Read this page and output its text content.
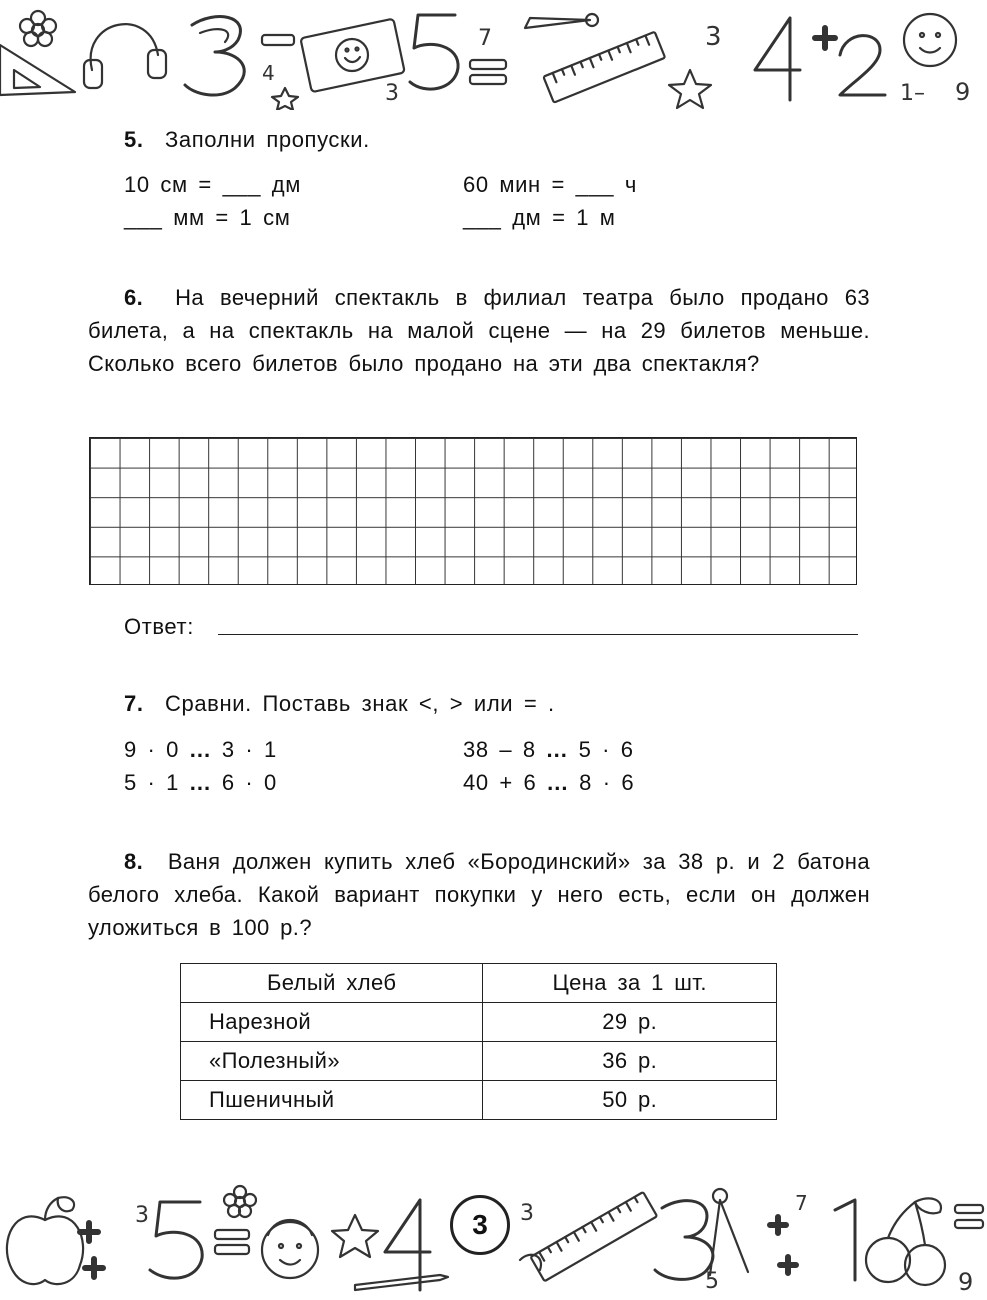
7	3
1– 9
3
4
5. Заполни пропуски.
10 см = ___ дм	60 мин = ___ ч
___ мм = 1 см	___ дм = 1 м
6. На вечерний спектакль в филиал театра было продано 63 билета, а на спектакль на малой сцене — на 29 билетов меньше. Сколько всего билетов было продано на эти два спектакля?
Ответ:
7. Сравни. Поставь знак <, > или = .
9 · 0 ... 3 · 1	38 – 8 ... 5 · 6
5 · 1 ... 6 · 0	40 + 6 ... 8 · 6
8. Ваня должен купить хлеб «Бородинский» за 38 р. и 2 батона белого хлеба. Какой вариант покупки у него есть, если он должен уложиться в 100 р.?
Белый хлеб	Цена за 1 шт.
Нарезной	29 р.
«Полезный»	36 р.
Пшеничный	50 р.
3	3
5
7
9
3
